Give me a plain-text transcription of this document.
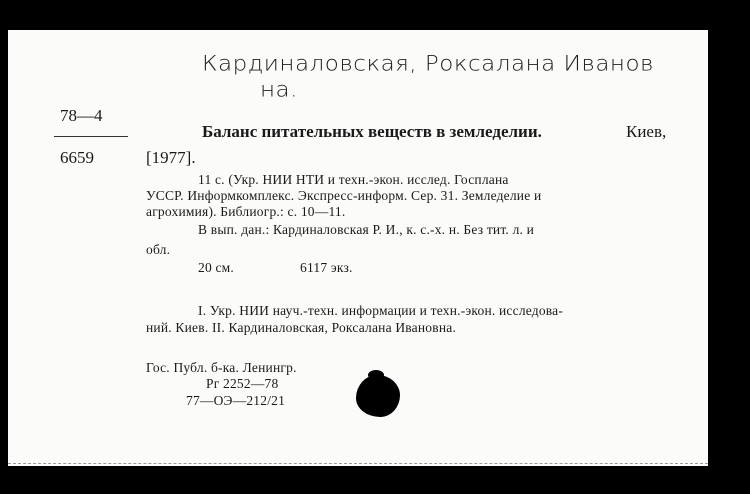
Кардиналовская, Роксалана Иванов
на.
78—4
6659
Баланс питательных веществ в земледелии.	Киев,
[1977].
11 с. (Укр. НИИ НТИ и техн.-экон. исслед. Госплана
УССР. Информкомплекс. Экспресс-информ. Сер. 31. Земледелие и
агрохимия). Библиогр.: с. 10—11.
В вып. дан.: Кардиналовская Р. И., к. с.-х. н. Без тит. л. и
обл.
20 см.	6117 экз.
I. Укр. НИИ науч.-техн. информации и техн.-экон. исследова-
ний. Киев. II. Кардиналовская, Роксалана Ивановна.
Гос. Публ. б-ка. Ленингр.
Рг 2252—78
77—ОЭ—212/21
